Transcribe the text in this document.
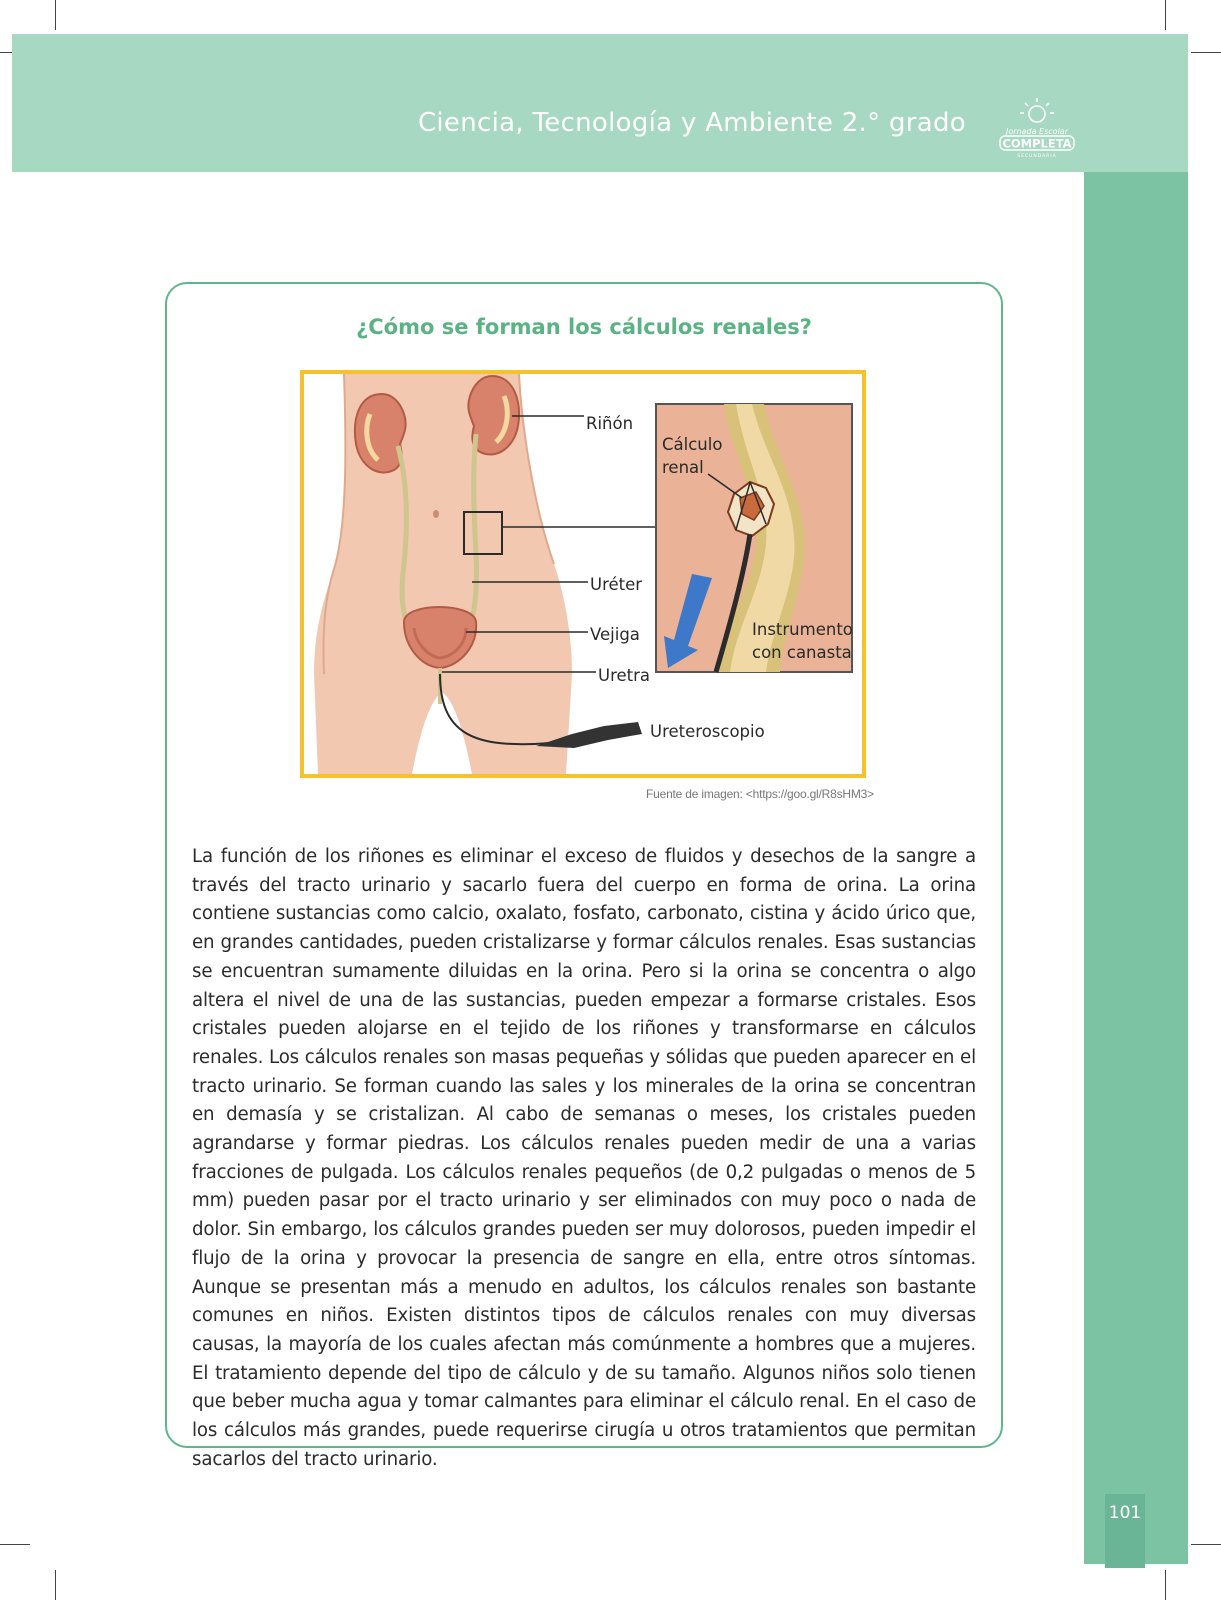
Ciencia, Tecnología y Ambiente 2.° grado	Jornada Escolar
COMPLETA
SECUNDARIA
101
¿Cómo se forman los cálculos renales?
Riñón
Cálculo
renal
Uréter
Vejiga
Uretra
Instrumento
con canasta
Ureteroscopio
Fuente de imagen: <https://goo.gl/R8sHM3>
La función de los riñones es eliminar el exceso de fluidos y desechos de la sangre a través del tracto urinario y sacarlo fuera del cuerpo en forma de orina. La orina contiene sustancias como calcio, oxalato, fosfato, carbonato, cistina y ácido úrico que, en grandes cantidades, pueden cristalizarse y formar cálculos renales. Esas sustancias se encuentran sumamente diluidas en la orina. Pero si la orina se concentra o algo altera el nivel de una de las sustancias, pueden empezar a formarse cristales. Esos cristales pueden alojarse en el tejido de los riñones y transformarse en cálculos renales. Los cálculos renales son masas pequeñas y sólidas que pueden aparecer en el tracto urinario. Se forman cuando las sales y los minerales de la orina se concentran en demasía y se cristalizan. Al cabo de semanas o meses, los cristales pueden agrandarse y formar piedras. Los cálculos renales pueden medir de una a varias fracciones de pulgada. Los cálculos renales pequeños (de 0,2 pulgadas o menos de 5 mm) pueden pasar por el tracto urinario y ser eliminados con muy poco o nada de dolor. Sin embargo, los cálculos grandes pueden ser muy dolorosos, pueden impedir el flujo de la orina y provocar la presencia de sangre en ella, entre otros síntomas. Aunque se presentan más a menudo en adultos, los cálculos renales son bastante comunes en niños. Existen distintos tipos de cálculos renales con muy diversas causas, la mayoría de los cuales afectan más comúnmente a hombres que a mujeres. El tratamiento depende del tipo de cálculo y de su tamaño. Algunos niños solo tienen que beber mucha agua y tomar calmantes para eliminar el cálculo renal. En el caso de los cálculos más grandes, puede requerirse cirugía u otros tratamientos que permitan sacarlos del tracto urinario.
